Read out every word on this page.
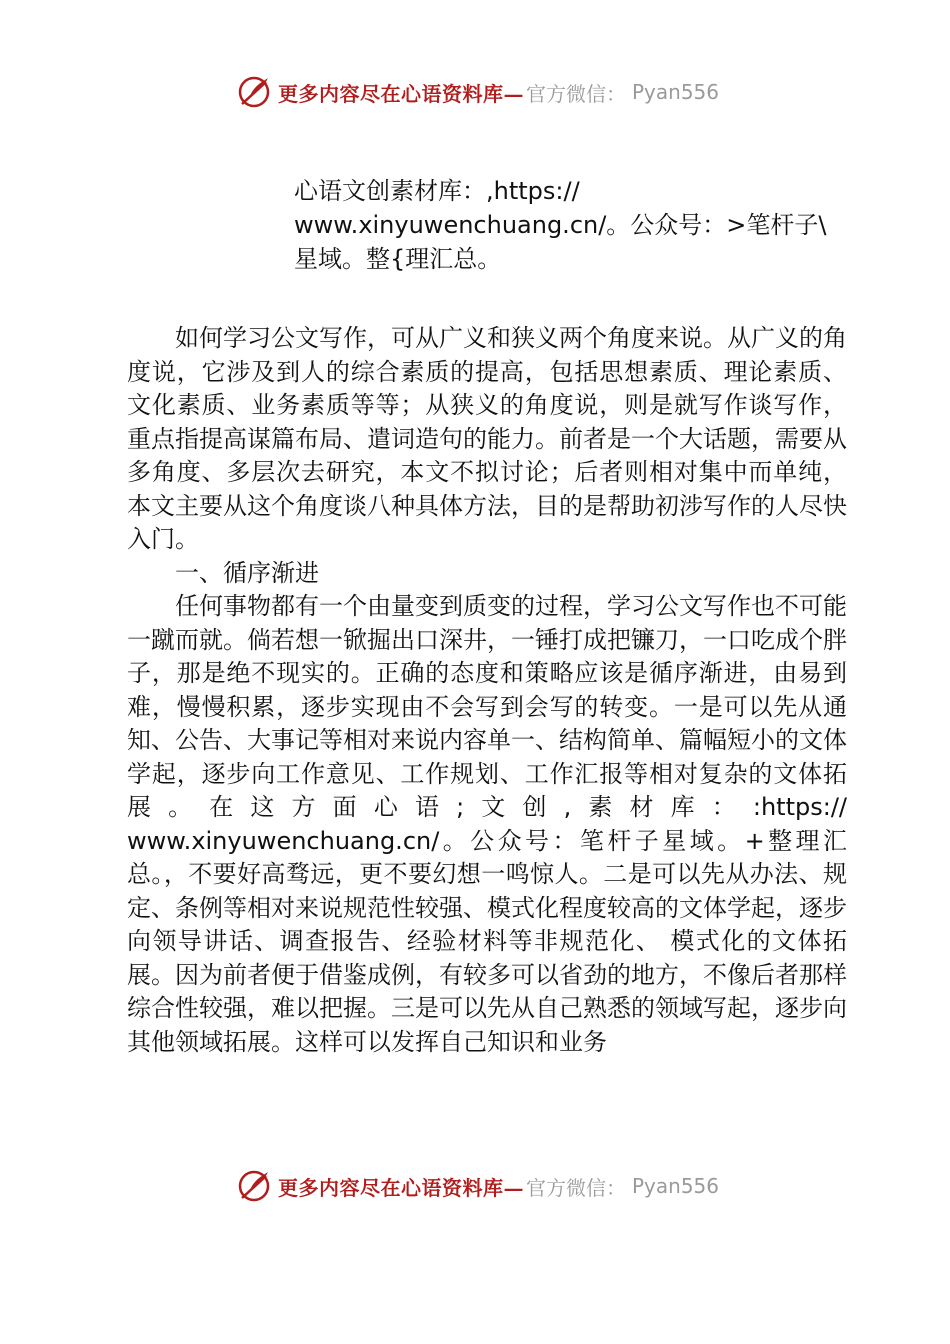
更多内容尽在心语资料库— 官方微信： Pyan556

心语文创素材库：,https://

www.xinyuwenchuang.cn/。公众号：>笔杆子\

星域。整{理汇总。

如何学习公文写作，可从广义和狭义两个角度来说。从广义的角度说，它涉及到人的综合素质的提高，包括思想素质、理论素质、 文化素质、业务素质等等；从狭义的角度说，则是就写作谈写作， 重点指提高谋篇布局、遣词造句的能力。前者是一个大话题，需要从多角度、多层次去研究，本文不拟讨论；后者则相对集中而单纯， 本文主要从这个角度谈八种具体方法，目的是帮助初涉写作的人尽快入门。

一、循序渐进

任何事物都有一个由量变到质变的过程，学习公文写作也不可能一蹴而就。倘若想一锨掘出口深井，一锤打成把镰刀，一口吃成个胖子，那是绝不现实的。正确的态度和策略应该是循序渐进，由易到难，慢慢积累，逐步实现由不会写到会写的转变。一是可以先从通知、公告、大事记等相对来说内容单一、结构简单、篇幅短小的文体学起，逐步向工作意见、工作规划、工作汇报等相对复杂的文体拓展。在这方面心语;文创,素材库：:https:// www.xinyuwenchuang.cn/。公众号：笔杆子星域。+整理汇总。，不要好高骛远，更不要幻想一鸣惊人。二是可以先从办法、规定、条例等相对来说规范性较强、模式化程度较高的文体学起，逐步向领导讲话、调查报告、经验材料等非规范化、 模式化的文体拓展。因为前者便于借鉴成例，有较多可以省劲的地方，不像后者那样综合性较强，难以把握。三是可以先从自己熟悉的领域写起，逐步向其他领域拓展。这样可以发挥自己知识和业务

更多内容尽在心语资料库— 官方微信： Pyan556
